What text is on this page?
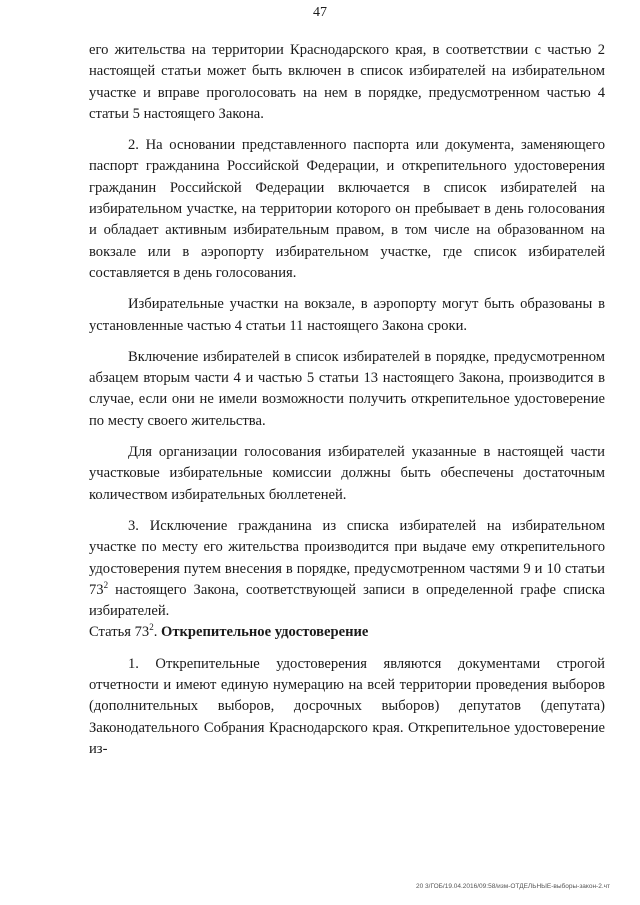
47

его жительства на территории Краснодарского края, в соответствии с частью 2 настоящей статьи может быть включен в список избирателей на избирательном участке и вправе проголосовать на нем в порядке, предусмотренном частью 4 статьи 5 настоящего Закона.

2. На основании представленного паспорта или документа, заменяющего паспорт гражданина Российской Федерации, и открепительного удостоверения гражданин Российской Федерации включается в список избирателей на избирательном участке, на территории которого он пребывает в день голосования и обладает активным избирательным правом, в том числе на образованном на вокзале или в аэропорту избирательном участке, где список избирателей составляется в день голосования.

Избирательные участки на вокзале, в аэропорту могут быть образованы в установленные частью 4 статьи 11 настоящего Закона сроки.

Включение избирателей в список избирателей в порядке, предусмотренном абзацем вторым части 4 и частью 5 статьи 13 настоящего Закона, производится в случае, если они не имели возможности получить открепительное удостоверение по месту своего жительства.

Для организации голосования избирателей указанные в настоящей части участковые избирательные комиссии должны быть обеспечены достаточным количеством избирательных бюллетеней.

3. Исключение гражданина из списка избирателей на избирательном участке по месту его жительства производится при выдаче ему открепительного удостоверения путем внесения в порядке, предусмотренном частями 9 и 10 статьи $73^2$ настоящего Закона, соответствующей записи в определенной графе списка избирателей.

Статья $73^2$. Открепительное удостоверение

1. Открепительные удостоверения являются документами строгой отчетности и имеют единую нумерацию на всей территории проведения выборов (дополнительных выборов, досрочных выборов) депутатов (депутата) Законодательного Собрания Краснодарского края. Открепительное удостоверение из-

20 3/ГОБ/19.04.2016/09:58/изм-ОТДЕЛЬНЫЕ-выборы-закон-2.чт
